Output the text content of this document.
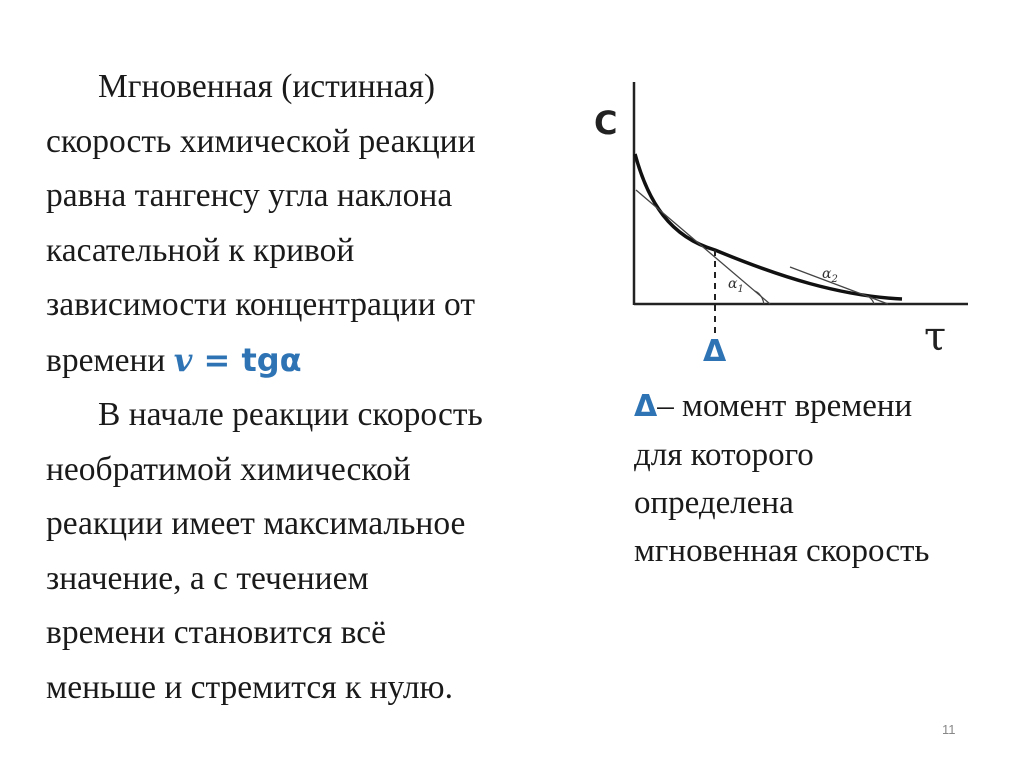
Мгновенная (истинная)
скорость химической реакции
равна тангенсу угла наклона
касательной к кривой
зависимости концентрации от
времени v = tgα

В начале реакции скорость
необратимой химической
реакции имеет максимальное
значение, а с течением
времени становится всё
меньше и стремится к нулю.

C
τ
$\alpha_1$
$\alpha_2$
Δ
Δ– момент времени
для которого
определена
мгновенная скорость
11
